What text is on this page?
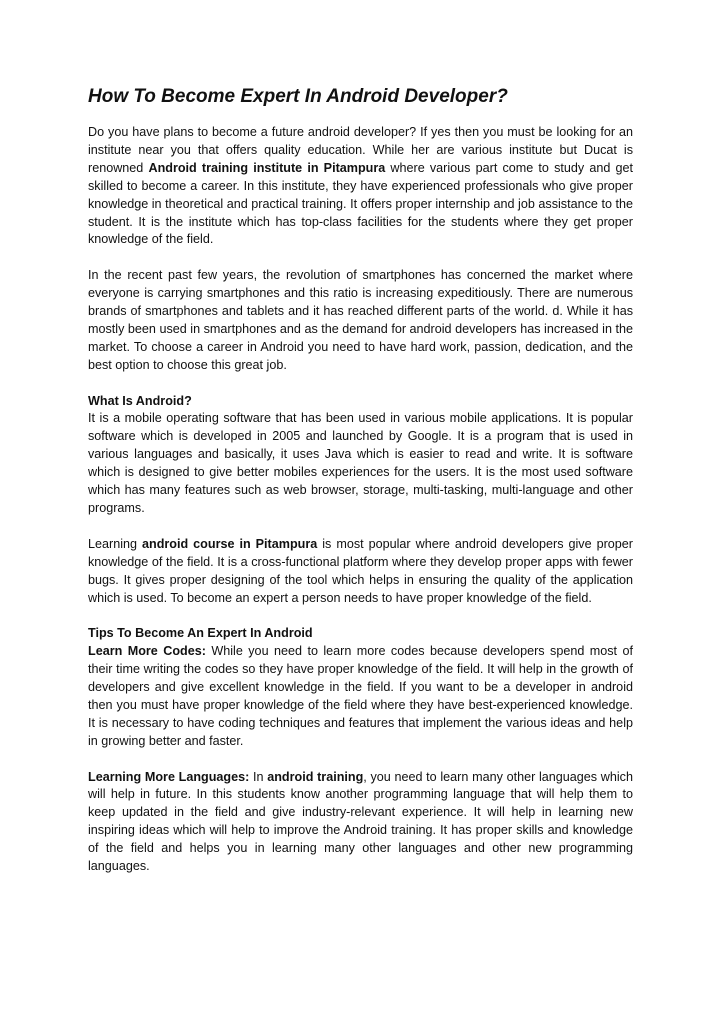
How To Become Expert In Android Developer?

Do you have plans to become a future android developer? If yes then you must be looking for an institute near you that offers quality education. While her are various institute but Ducat is renowned Android training institute in Pitampura where various part come to study and get skilled to become a career. In this institute, they have experienced professionals who give proper knowledge in theoretical and practical training. It offers proper internship and job assistance to the student. It is the institute which has top-class facilities for the students where they get proper knowledge of the field.

In the recent past few years, the revolution of smartphones has concerned the market where everyone is carrying smartphones and this ratio is increasing expeditiously. There are numerous brands of smartphones and tablets and it has reached different parts of the world. d. While it has mostly been used in smartphones and as the demand for android developers has increased in the market. To choose a career in Android you need to have hard work, passion, dedication, and the best option to choose this great job.

What Is Android?

It is a mobile operating software that has been used in various mobile applications. It is popular software which is developed in 2005 and launched by Google. It is a program that is used in various languages and basically, it uses Java which is easier to read and write. It is software which is designed to give better mobiles experiences for the users. It is the most used software which has many features such as web browser, storage, multi-tasking, multi-language and other programs.

Learning android course in Pitampura is most popular where android developers give proper knowledge of the field. It is a cross-functional platform where they develop proper apps with fewer bugs. It gives proper designing of the tool which helps in ensuring the quality of the application which is used. To become an expert a person needs to have proper knowledge of the field.

Tips To Become An Expert In Android

Learn More Codes: While you need to learn more codes because developers spend most of their time writing the codes so they have proper knowledge of the field. It will help in the growth of developers and give excellent knowledge in the field. If you want to be a developer in android then you must have proper knowledge of the field where they have best-experienced knowledge. It is necessary to have coding techniques and features that implement the various ideas and help in growing better and faster.

Learning More Languages: In android training, you need to learn many other languages which will help in future. In this students know another programming language that will help them to keep updated in the field and give industry-relevant experience. It will help in learning new inspiring ideas which will help to improve the Android training. It has proper skills and knowledge of the field and helps you in learning many other languages and other new programming languages.
